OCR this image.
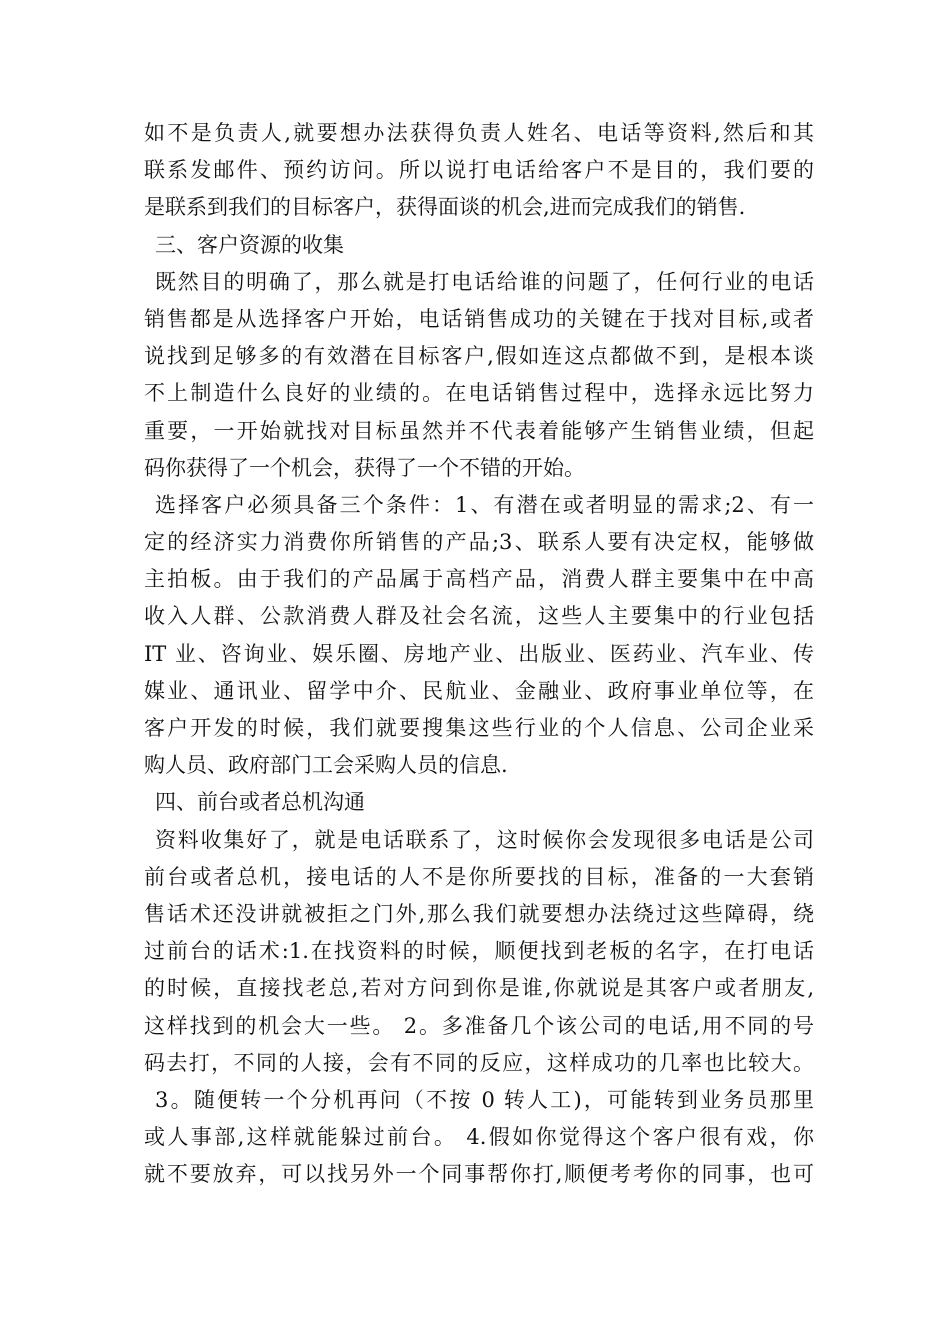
如不是负责人,就要想办法获得负责人姓名、电话等资料,然后和其
联系发邮件、预约访问。所以说打电话给客户不是目的，我们要的
是联系到我们的目标客户，获得面谈的机会,进而完成我们的销售.
三、客户资源的收集
既然目的明确了，那么就是打电话给谁的问题了，任何行业的电话
销售都是从选择客户开始，电话销售成功的关键在于找对目标,或者
说找到足够多的有效潜在目标客户,假如连这点都做不到，是根本谈
不上制造什么良好的业绩的。在电话销售过程中，选择永远比努力
重要，一开始就找对目标虽然并不代表着能够产生销售业绩，但起
码你获得了一个机会，获得了一个不错的开始。
选择客户必须具备三个条件：1、有潜在或者明显的需求;2、有一
定的经济实力消费你所销售的产品;3、联系人要有决定权，能够做
主拍板。由于我们的产品属于高档产品，消费人群主要集中在中高
收入人群、公款消费人群及社会名流，这些人主要集中的行业包括
IT 业、咨询业、娱乐圈、房地产业、出版业、医药业、汽车业、传
媒业、通讯业、留学中介、民航业、金融业、政府事业单位等，在
客户开发的时候，我们就要搜集这些行业的个人信息、公司企业采
购人员、政府部门工会采购人员的信息.
四、前台或者总机沟通
资料收集好了，就是电话联系了，这时候你会发现很多电话是公司
前台或者总机，接电话的人不是你所要找的目标，准备的一大套销
售话术还没讲就被拒之门外,那么我们就要想办法绕过这些障碍，绕
过前台的话术:1.在找资料的时候，顺便找到老板的名字，在打电话
的时候，直接找老总,若对方问到你是谁,你就说是其客户或者朋友,
这样找到的机会大一些。 2。多准备几个该公司的电话,用不同的号
码去打，不同的人接，会有不同的反应，这样成功的几率也比较大。
3。随便转一个分机再问（不按 0 转人工)，可能转到业务员那里
或人事部,这样就能躲过前台。 4.假如你觉得这个客户很有戏，你
就不要放弃，可以找另外一个同事帮你打,顺便考考你的同事，也可
